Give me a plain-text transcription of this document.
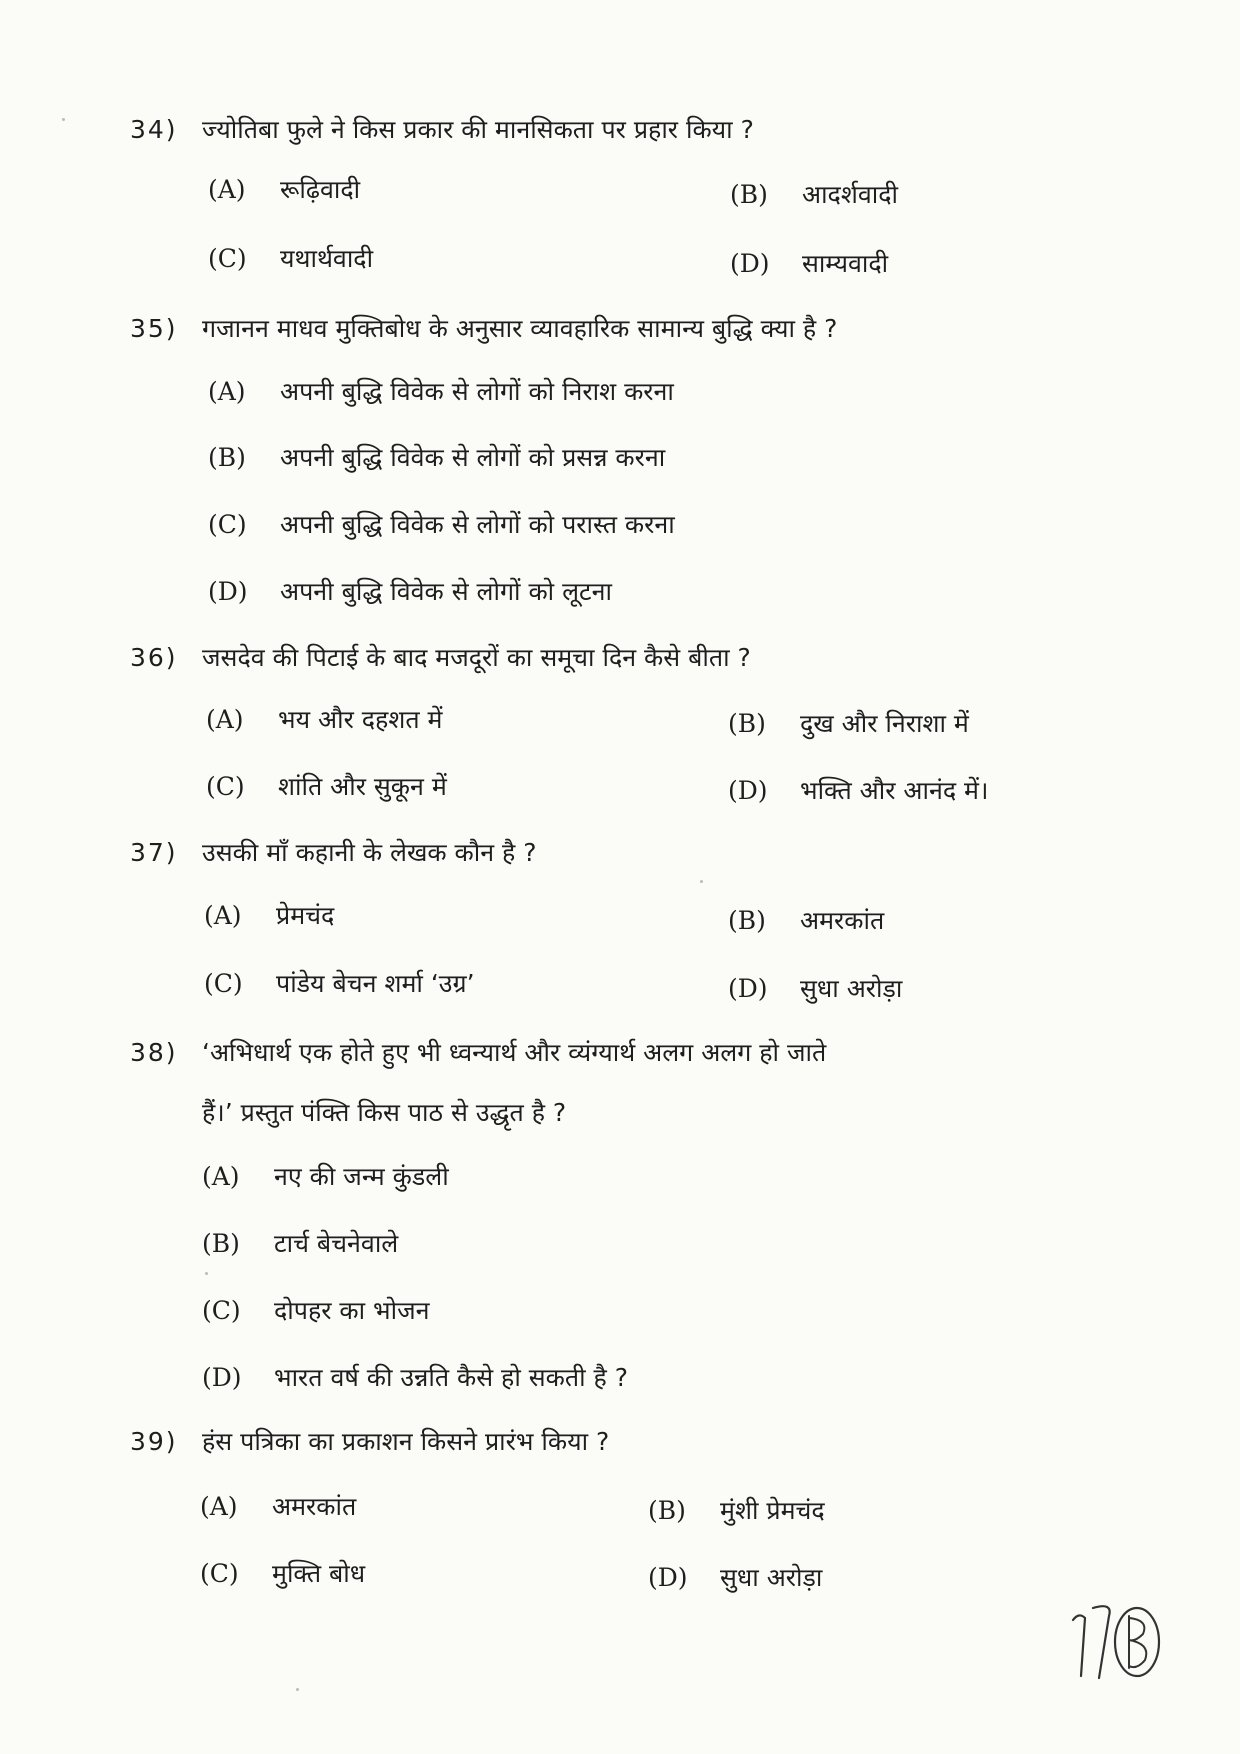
34) ज्योतिबा फुले ने किस प्रकार की मानसिकता पर प्रहार किया ?
(A) रूढ़िवादी	(B) आदर्शवादी
(C) यथार्थवादी	(D) साम्यवादी
35) गजानन माधव मुक्तिबोध के अनुसार व्यावहारिक सामान्य बुद्धि क्या है ?
(A) अपनी बुद्धि विवेक से लोगों को निराश करना
(B) अपनी बुद्धि विवेक से लोगों को प्रसन्न करना
(C) अपनी बुद्धि विवेक से लोगों को परास्त करना
(D) अपनी बुद्धि विवेक से लोगों को लूटना
36) जसदेव की पिटाई के बाद मजदूरों का समूचा दिन कैसे बीता ?
(A) भय और दहशत में	(B) दुख और निराशा में
(C) शांति और सुकून में	(D) भक्ति और आनंद में।
37) उसकी माँ कहानी के लेखक कौन है ?
(A) प्रेमचंद	(B) अमरकांत
(C) पांडेय बेचन शर्मा ‘उग्र’	(D) सुधा अरोड़ा
38) ‘अभिधार्थ एक होते हुए भी ध्वन्यार्थ और व्यंग्यार्थ अलग अलग हो जाते
हैं।’ प्रस्तुत पंक्ति किस पाठ से उद्धृत है ?
(A) नए की जन्म कुंडली
(B) टार्च बेचनेवाले
(C) दोपहर का भोजन
(D) भारत वर्ष की उन्नति कैसे हो सकती है ?
39) हंस पत्रिका का प्रकाशन किसने प्रारंभ किया ?
(A) अमरकांत	(B) मुंशी प्रेमचंद
(C) मुक्ति बोध	(D) सुधा अरोड़ा
